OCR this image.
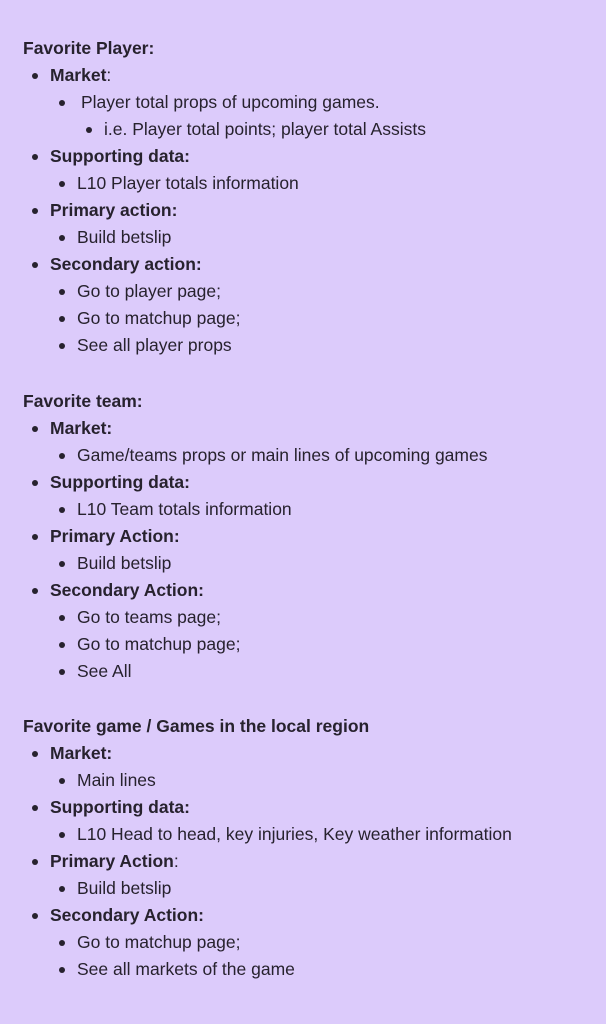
Favorite Player:
Market:
Player total props of upcoming games.
i.e. Player total points; player total Assists
Supporting data:
L10 Player totals information
Primary action:
Build betslip
Secondary action:
Go to player page;
Go to matchup page;
See all player props
Favorite team:
Market:
Game/teams props or main lines of upcoming games
Supporting data:
L10 Team totals information
Primary Action:
Build betslip
Secondary Action:
Go to teams page;
Go to matchup page;
See All
Favorite game / Games in the local region
Market:
Main lines
Supporting data:
L10 Head to head, key injuries, Key weather information
Primary Action:
Build betslip
Secondary Action:
Go to matchup page;
See all markets of the game
